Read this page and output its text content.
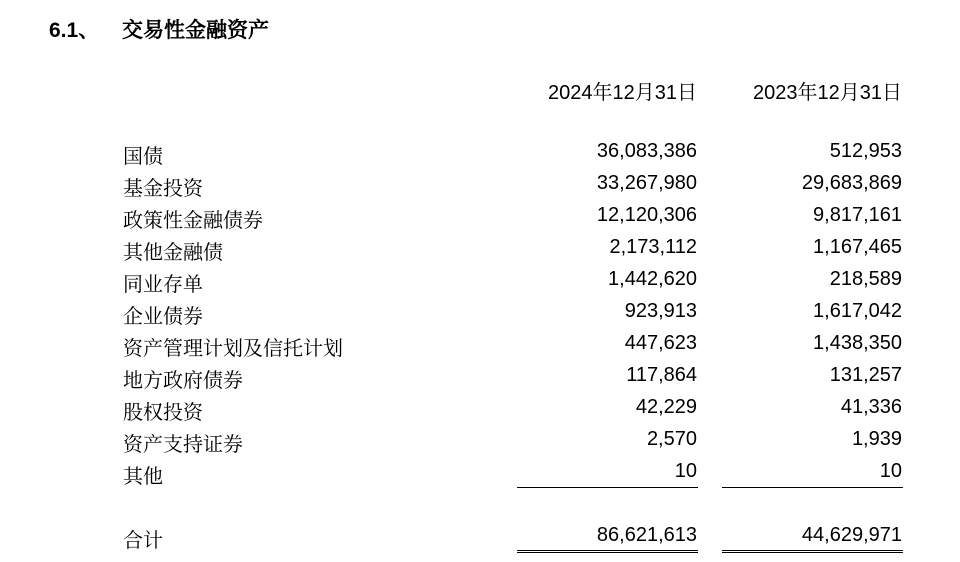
6.1、 交易性金融资产
2024年12月31日	2023年12月31日
国债	36,083,386	512,953
基金投资	33,267,980	29,683,869
政策性金融债券	12,120,306	9,817,161
其他金融债	2,173,112	1,167,465
同业存单	1,442,620	218,589
企业债券	923,913	1,617,042
资产管理计划及信托计划	447,623	1,438,350
地方政府债券	117,864	131,257
股权投资	42,229	41,336
资产支持证券	2,570	1,939
其他	10	10
合计	86,621,613	44,629,971
